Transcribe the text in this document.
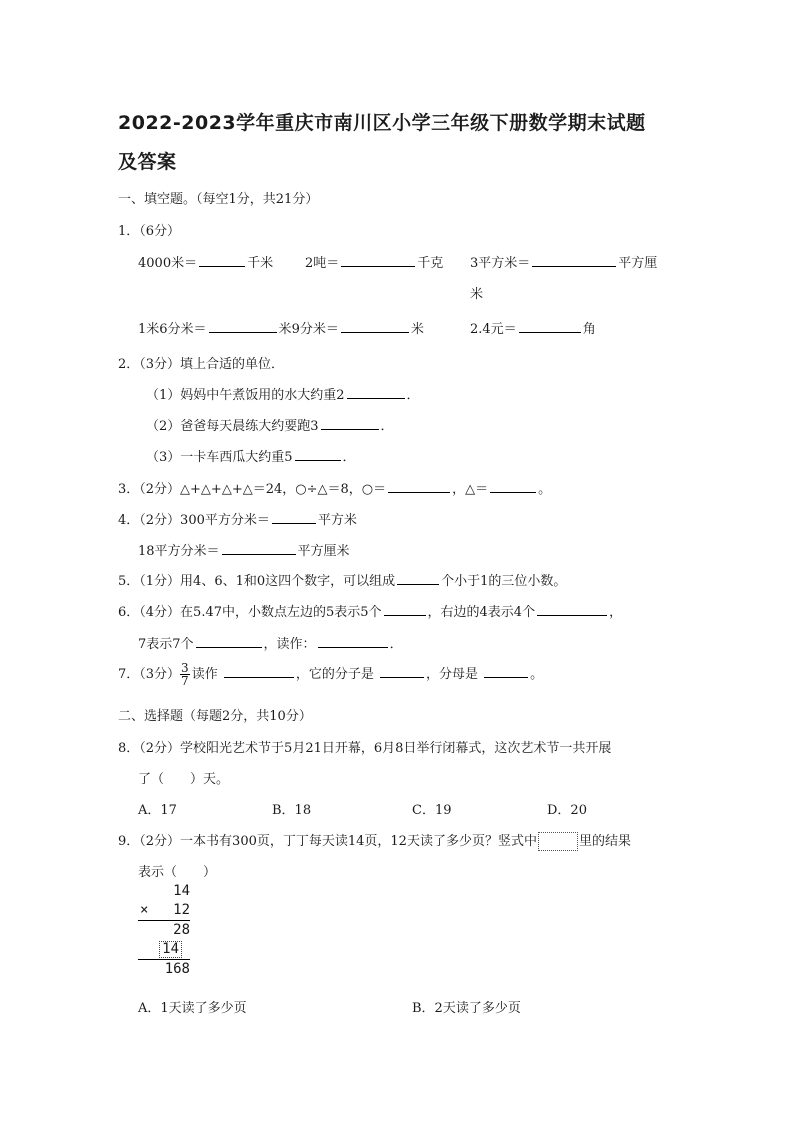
2022-2023学年重庆市南川区小学三年级下册数学期末试题
及答案
一、填空题。（每空1分，共21分）
1．（6分）
4000米＝	千米 2吨＝	千克 3平方米＝	平方厘
米
1米6分米＝	米9分米＝	米	2.4元＝	角
2．（3分）填上合适的单位．
（1）妈妈中午煮饭用的水大约重2	．
（2）爸爸每天晨练大约要跑3	．
（3）一卡车西瓜大约重5	．
3．（2分）△+△+△+△＝24，○÷△＝8，○＝	，△＝	。
4．（2分）300平方分米＝	平方米
18平方分米＝	平方厘米
5．（1分）用4、6、1和0这四个数字，可以组成	个小于1的三位小数。
6．（4分）在5.47中，小数点左边的5表示5个	，右边的4表示4个	，
7表示7个	，读作：	．
7．（3分） $\frac{3}{7}$ 读作	，它的分子是	，分母是	。
二、选择题（每题2分，共10分）
8．（2分）学校阳光艺术节于5月21日开幕，6月8日举行闭幕式，这次艺术节一共开展
了（　　）天。
A．17	B．18	C．19	D．20
9．（2分）一本书有300页，丁丁每天读14页，12天读了多少页？竖式中	里的结果
表示（　　）
14
× 12
28
14
168
A．1天读了多少页	B．2天读了多少页
